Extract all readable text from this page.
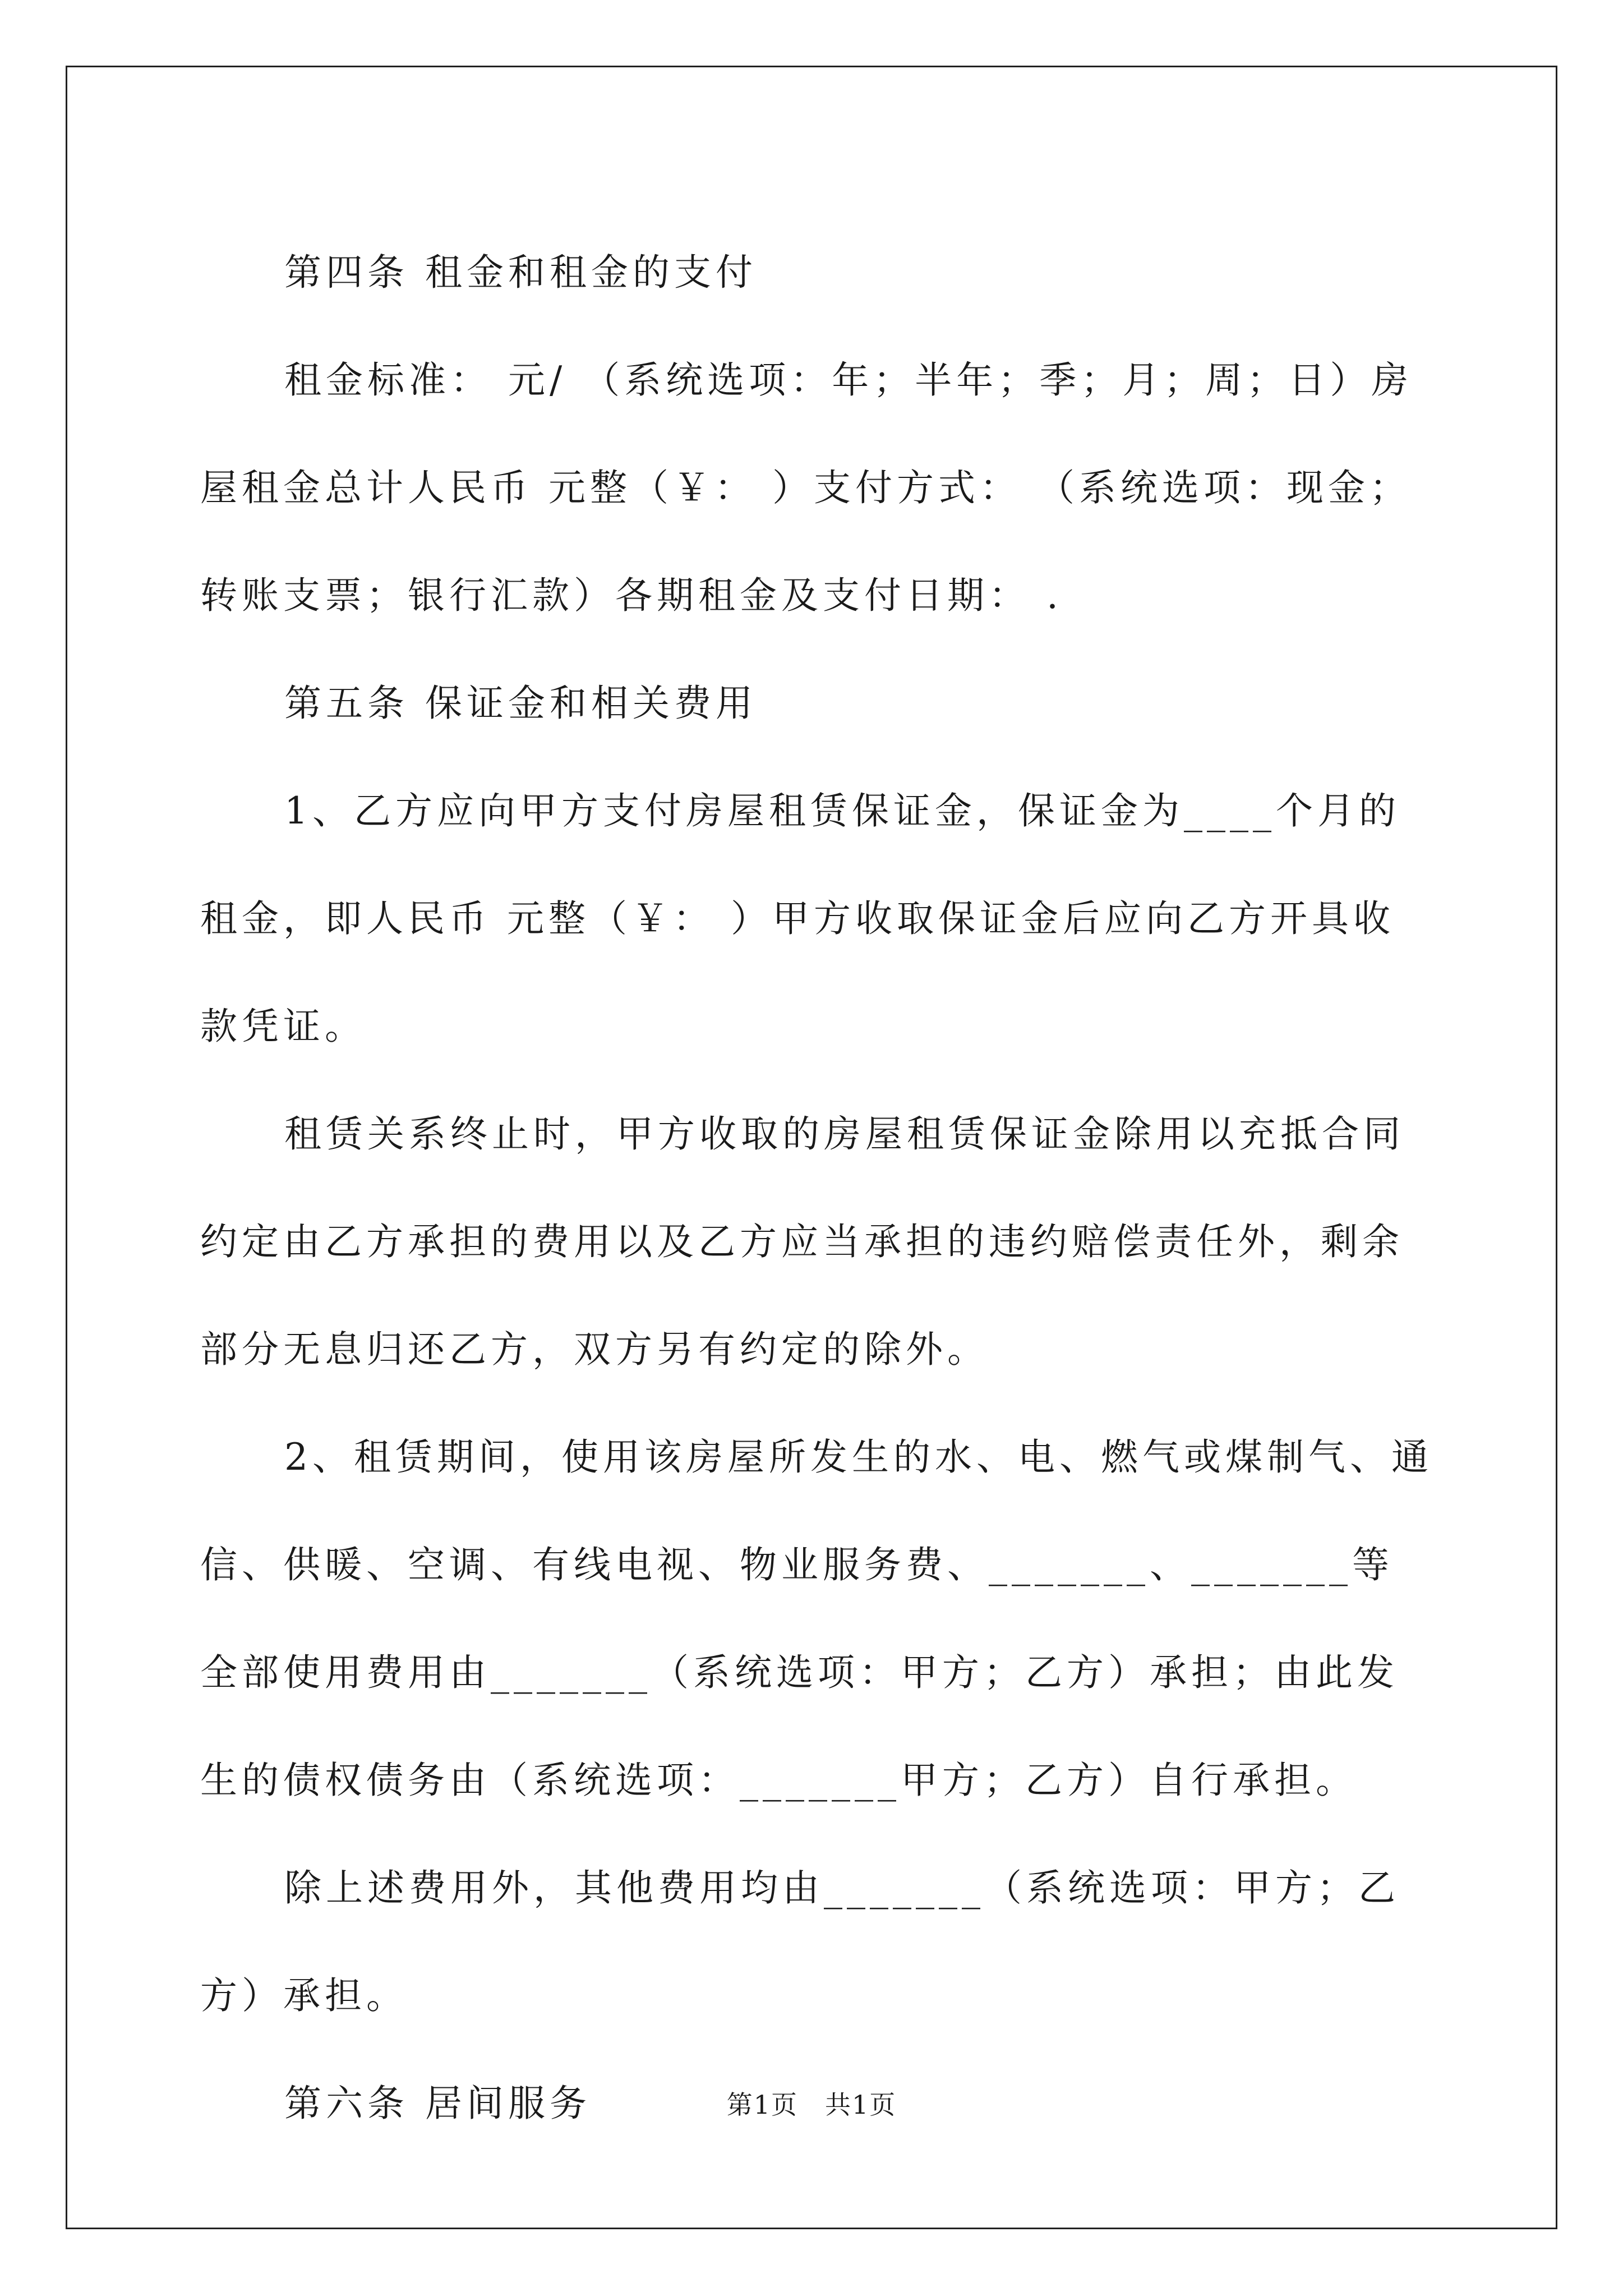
第四条 租金和租金的支付

租金标准： 元/ （系统选项：年；半年；季；月；周；日）房屋租金总计人民币 元整（￥： ）支付方式： （系统选项：现金；转账支票；银行汇款）各期租金及支付日期： .

第五条 保证金和相关费用

1、乙方应向甲方支付房屋租赁保证金，保证金为____个月的租金，即人民币 元整（￥： ）甲方收取保证金后应向乙方开具收款凭证。

租赁关系终止时，甲方收取的房屋租赁保证金除用以充抵合同约定由乙方承担的费用以及乙方应当承担的违约赔偿责任外，剩余部分无息归还乙方，双方另有约定的除外。

2、租赁期间，使用该房屋所发生的水、电、燃气或煤制气、通信、供暖、空调、有线电视、物业服务费、_______、_______等全部使用费用由_______（系统选项：甲方；乙方）承担；由此发生的债权债务由（系统选项：_______甲方；乙方）自行承担。

除上述费用外，其他费用均由_______（系统选项：甲方；乙方）承担。

第六条 居间服务	第1页　共1页
